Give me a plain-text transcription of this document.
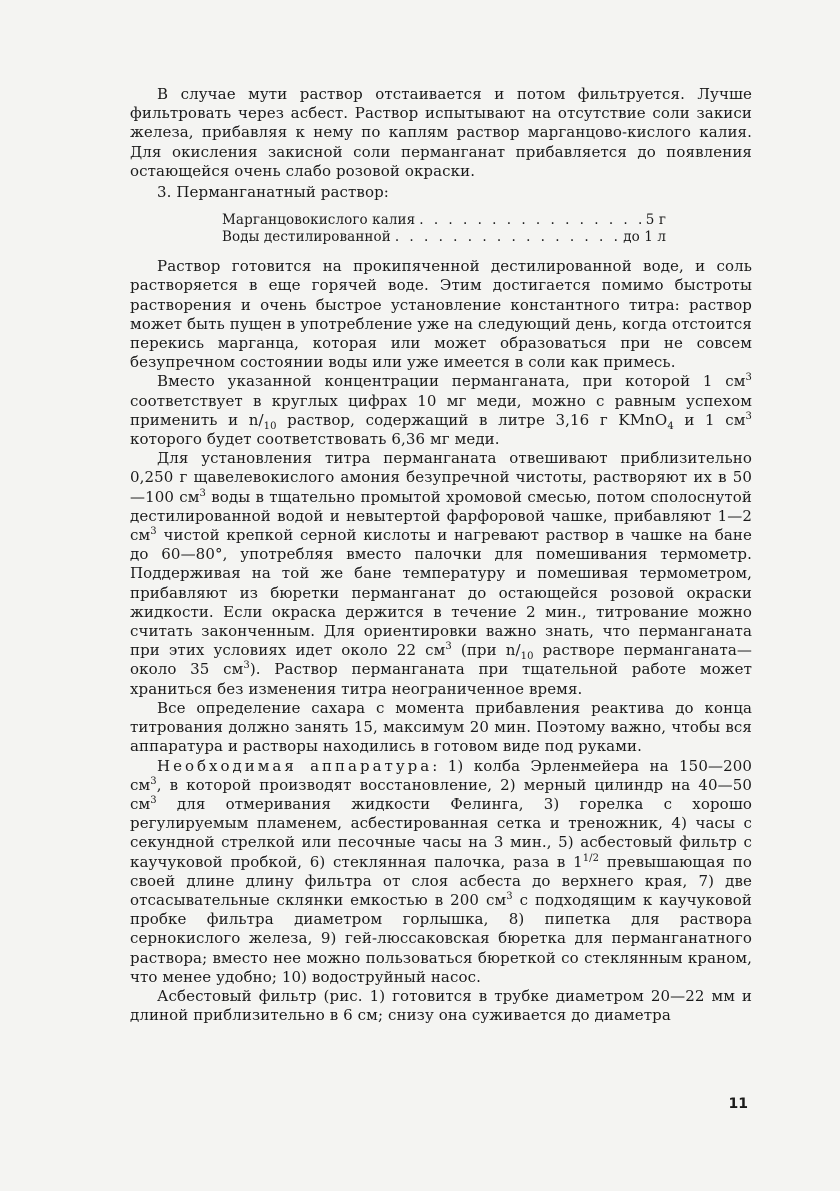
В случае мути раствор отстаивается и потом фильтруется. Лучше фильтровать через асбест. Раствор испытывают на отсутствие соли закиси железа, прибавляя к нему по каплям раствор марганцово-кислого калия. Для окисления закисной соли перманганат прибавляется до появления остающейся очень слабо розовой окраски.

3. Перманганатный раствор:

Марганцовокислого калия . . .	5 г
Воды дестилированной . . .	до 1 л

Раствор готовится на прокипяченной дестилированной воде, и соль растворяется в еще горячей воде. Этим достигается помимо быстроты растворения и очень быстрое установление константного титра: раствор может быть пущен в употребление уже на следующий день, когда отстоится перекись марганца, которая или может образоваться при не совсем безупречном состоянии воды или уже имеется в соли как примесь.

Вместо указанной концентрации перманганата, при которой 1 $см^3$ соответствует в круглых цифрах 10 мг меди, можно с равным успехом применить и $n/_{10}$ раствор, содержащий в литре 3,16 г KMnO$_4$ и 1 $см^3$ которого будет соответствовать 6,36 мг меди.

Для установления титра перманганата отвешивают приблизительно 0,250 г щавелевокислого амония безупречной чистоты, растворяют их в 50—100 $см^3$ воды в тщательно промытой хромовой смесью, потом сполоснутой дестилированной водой и невытертой фарфоровой чашке, прибавляют 1—2 $см^3$ чистой крепкой серной кислоты и нагревают раствор в чашке на бане до 60—80°, употребляя вместо палочки для помешивания термометр. Поддерживая на той же бане температуру и помешивая термометром, прибавляют из бюретки перманганат до остающейся розовой окраски жидкости. Если окраска держится в течение 2 мин., титрование можно считать законченным. Для ориентировки важно знать, что перманганата при этих условиях идет около 22 $см^3$ (при $n/_{10}$ растворе перманганата—около 35 $см^3$). Раствор перманганата при тщательной работе может храниться без изменения титра неограниченное время.

Все определение сахара с момента прибавления реактива до конца титрования должно занять 15, максимум 20 мин. Поэтому важно, чтобы вся аппаратура и растворы находились в готовом виде под руками.

Необходимая аппаратура: 1) колба Эрленмейера на 150—200 $см^3$, в которой производят восстановление, 2) мерный цилиндр на 40—50 $см^3$ для отмеривания жидкости Фелинга, 3) горелка с хорошо регулируемым пламенем, асбестированная сетка и треножник, 4) часы с секундной стрелкой или песочные часы на 3 мин., 5) асбестовый фильтр с каучуковой пробкой, 6) стеклянная палочка, раза в $1^{1/2}$ превышающая по своей длине длину фильтра от слоя асбеста до верхнего края, 7) две отсасывательные склянки емкостью в 200 $см^3$ с подходящим к каучуковой пробке фильтра диаметром горлышка, 8) пипетка для раствора сернокислого железа, 9) гей-люссаковская бюретка для перманганатного раствора; вместо нее можно пользоваться бюреткой со стеклянным краном, что менее удобно; 10) водоструйный насос.

Асбестовый фильтр (рис. 1) готовится в трубке диаметром 20—22 мм и длиной приблизительно в 6 см; снизу она суживается до диаметра

11
